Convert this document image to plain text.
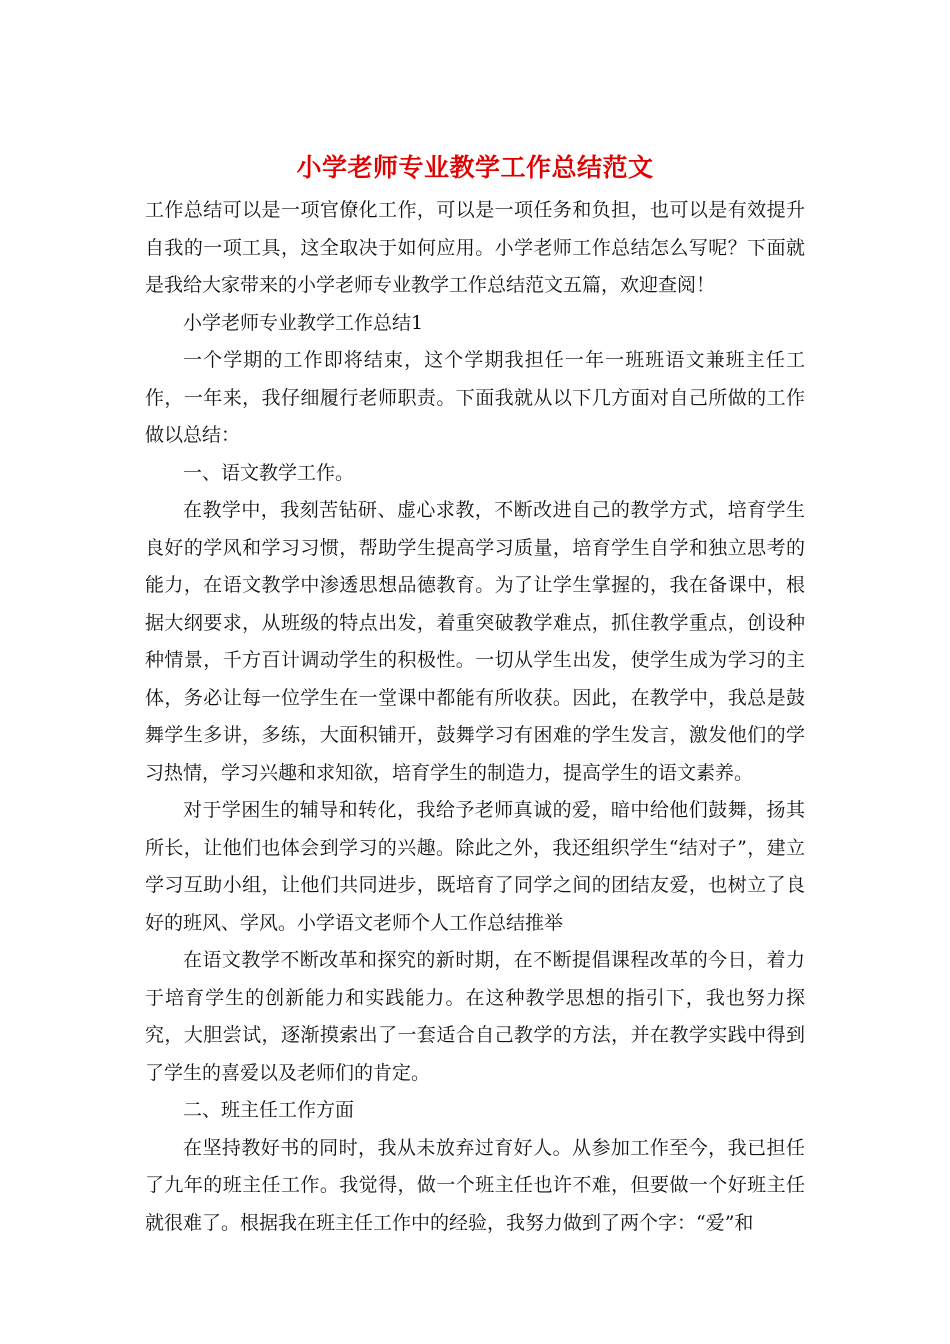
小学老师专业教学工作总结范文

工作总结可以是一项官僚化工作，可以是一项任务和负担，也可以是有效提升自我的一项工具，这全取决于如何应用。小学老师工作总结怎么写呢？下面就是我给大家带来的小学老师专业教学工作总结范文五篇，欢迎查阅！

小学老师专业教学工作总结1

一个学期的工作即将结束，这个学期我担任一年一班班语文兼班主任工作，一年来，我仔细履行老师职责。下面我就从以下几方面对自己所做的工作做以总结：

一、语文教学工作。

在教学中，我刻苦钻研、虚心求教，不断改进自己的教学方式，培育学生良好的学风和学习习惯，帮助学生提高学习质量，培育学生自学和独立思考的能力，在语文教学中渗透思想品德教育。为了让学生掌握的，我在备课中，根据大纲要求，从班级的特点出发，着重突破教学难点，抓住教学重点，创设种种情景，千方百计调动学生的积极性。一切从学生出发，使学生成为学习的主体，务必让每一位学生在一堂课中都能有所收获。因此，在教学中，我总是鼓舞学生多讲，多练，大面积铺开，鼓舞学习有困难的学生发言，激发他们的学习热情，学习兴趣和求知欲，培育学生的制造力，提高学生的语文素养。

对于学困生的辅导和转化，我给予老师真诚的爱，暗中给他们鼓舞，扬其所长，让他们也体会到学习的兴趣。除此之外，我还组织学生“结对子”，建立学习互助小组，让他们共同进步，既培育了同学之间的团结友爱，也树立了良好的班风、学风。小学语文老师个人工作总结推举

在语文教学不断改革和探究的新时期，在不断提倡课程改革的今日，着力于培育学生的创新能力和实践能力。在这种教学思想的指引下，我也努力探究，大胆尝试，逐渐摸索出了一套适合自己教学的方法，并在教学实践中得到了学生的喜爱以及老师们的肯定。

二、班主任工作方面

在坚持教好书的同时，我从未放弃过育好人。从参加工作至今，我已担任了九年的班主任工作。我觉得，做一个班主任也许不难，但要做一个好班主任就很难了。根据我在班主任工作中的经验，我努力做到了两个字：“爱”和
